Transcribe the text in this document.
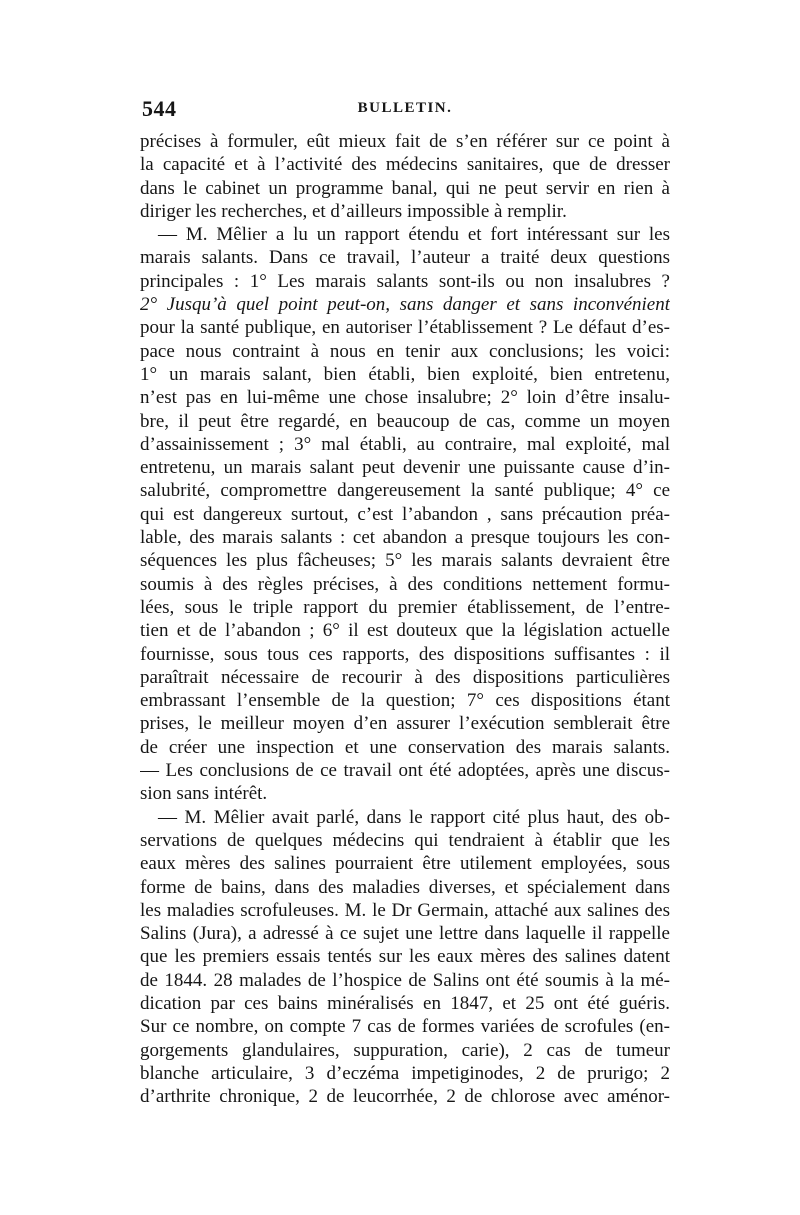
544	BULLETIN.
précises à formuler, eût mieux fait de s’en référer sur ce point à
la capacité et à l’activité des médecins sanitaires, que de dresser
dans le cabinet un programme banal, qui ne peut servir en rien à
diriger les recherches, et d’ailleurs impossible à remplir.
— M. Mêlier a lu un rapport étendu et fort intéressant sur les
marais salants. Dans ce travail, l’auteur a traité deux questions
principales : 1° Les marais salants sont-ils ou non insalubres ?
2° Jusqu’à quel point peut-on, sans danger et sans inconvénient
pour la santé publique, en autoriser l’établissement ? Le défaut d’es-
pace nous contraint à nous en tenir aux conclusions; les voici:
1° un marais salant, bien établi, bien exploité, bien entretenu,
n’est pas en lui-même une chose insalubre; 2° loin d’être insalu-
bre, il peut être regardé, en beaucoup de cas, comme un moyen
d’assainissement ; 3° mal établi, au contraire, mal exploité, mal
entretenu, un marais salant peut devenir une puissante cause d’in-
salubrité, compromettre dangereusement la santé publique; 4° ce
qui est dangereux surtout, c’est l’abandon , sans précaution préa-
lable, des marais salants : cet abandon a presque toujours les con-
séquences les plus fâcheuses; 5° les marais salants devraient être
soumis à des règles précises, à des conditions nettement formu-
lées, sous le triple rapport du premier établissement, de l’entre-
tien et de l’abandon ; 6° il est douteux que la législation actuelle
fournisse, sous tous ces rapports, des dispositions suffisantes : il
paraîtrait nécessaire de recourir à des dispositions particulières
embrassant l’ensemble de la question; 7° ces dispositions étant
prises, le meilleur moyen d’en assurer l’exécution semblerait être
de créer une inspection et une conservation des marais salants.
— Les conclusions de ce travail ont été adoptées, après une discus-
sion sans intérêt.
— M. Mêlier avait parlé, dans le rapport cité plus haut, des ob-
servations de quelques médecins qui tendraient à établir que les
eaux mères des salines pourraient être utilement employées, sous
forme de bains, dans des maladies diverses, et spécialement dans
les maladies scrofuleuses. M. le Dr Germain, attaché aux salines des
Salins (Jura), a adressé à ce sujet une lettre dans laquelle il rappelle
que les premiers essais tentés sur les eaux mères des salines datent
de 1844. 28 malades de l’hospice de Salins ont été soumis à la mé-
dication par ces bains minéralisés en 1847, et 25 ont été guéris.
Sur ce nombre, on compte 7 cas de formes variées de scrofules (en-
gorgements glandulaires, suppuration, carie), 2 cas de tumeur
blanche articulaire, 3 d’eczéma impetiginodes, 2 de prurigo; 2
d’arthrite chronique, 2 de leucorrhée, 2 de chlorose avec aménor-
